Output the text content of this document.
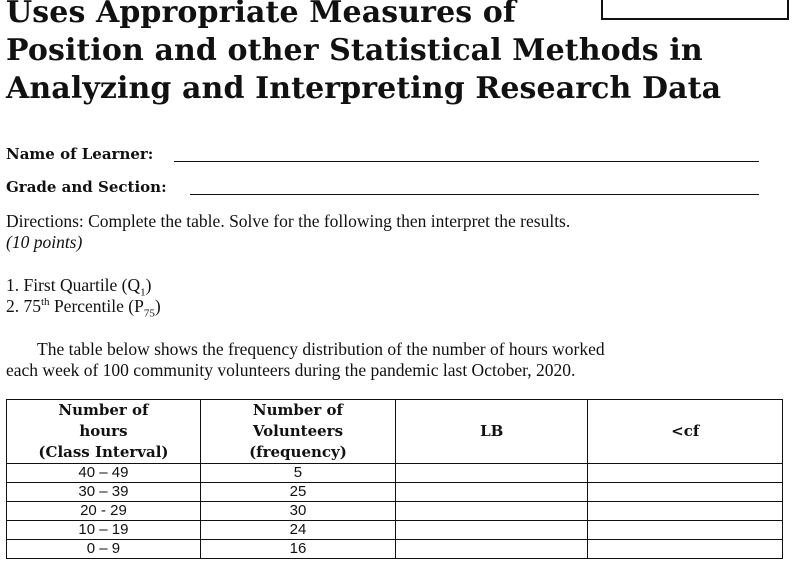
Uses Appropriate Measures of
Position and other Statistical Methods in
Analyzing and Interpreting Research Data
Name of Learner:
Grade and Section:
Directions: Complete the table. Solve for the following then interpret the results.
(10 points)
1. First Quartile $(Q_1)$
2. 75th Percentile $(P_{75})$
The table below shows the frequency distribution of the number of hours worked
each week of 100 community volunteers during the pandemic last October, 2020.
Number of
hours
(Class Interval)	Number of
Volunteers
(frequency)	LB	<cf
40 – 49	5		
30 – 39	25		
20 - 29	30		
10 – 19	24		
0 – 9	16		
